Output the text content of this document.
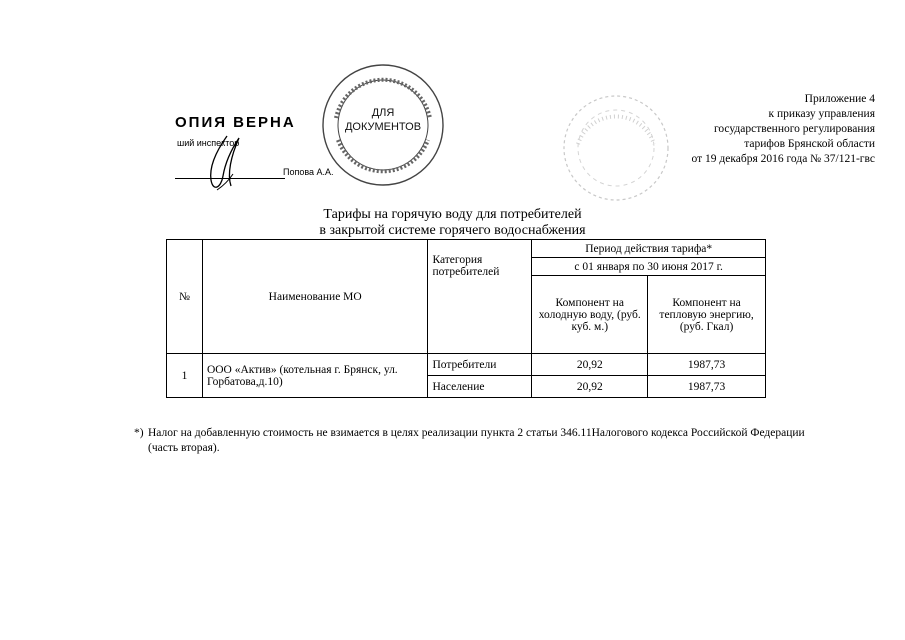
Приложение 4
к приказу управления
государственного регулирования
тарифов Брянской области
от 19 декабря 2016 года № 37/121-гвс
ОПИЯ ВЕРНА
ший инспектор
Попова А.А.
ДЛЯ
ДОКУМЕНТОВ
Тарифы на горячую воду для потребителей
в закрытой системе горячего водоснабжения
№	Наименование МО	Категория потребителей	Период действия тарифа*	
			с 01 января по 30 июня 2017 г.	
			Компонент на холодную воду, (руб. куб. м.)	Компонент на тепловую энергию, (руб. Гкал)
1	ООО «Актив» (котельная г. Брянск, ул. Горбатова,д.10)	Потребители	20,92	1987,73
		Население	20,92	1987,73
*) Налог на добавленную стоимость не взимается в целях реализации пункта 2 статьи 346.11Налогового кодекса Российской Федерации (часть вторая).
